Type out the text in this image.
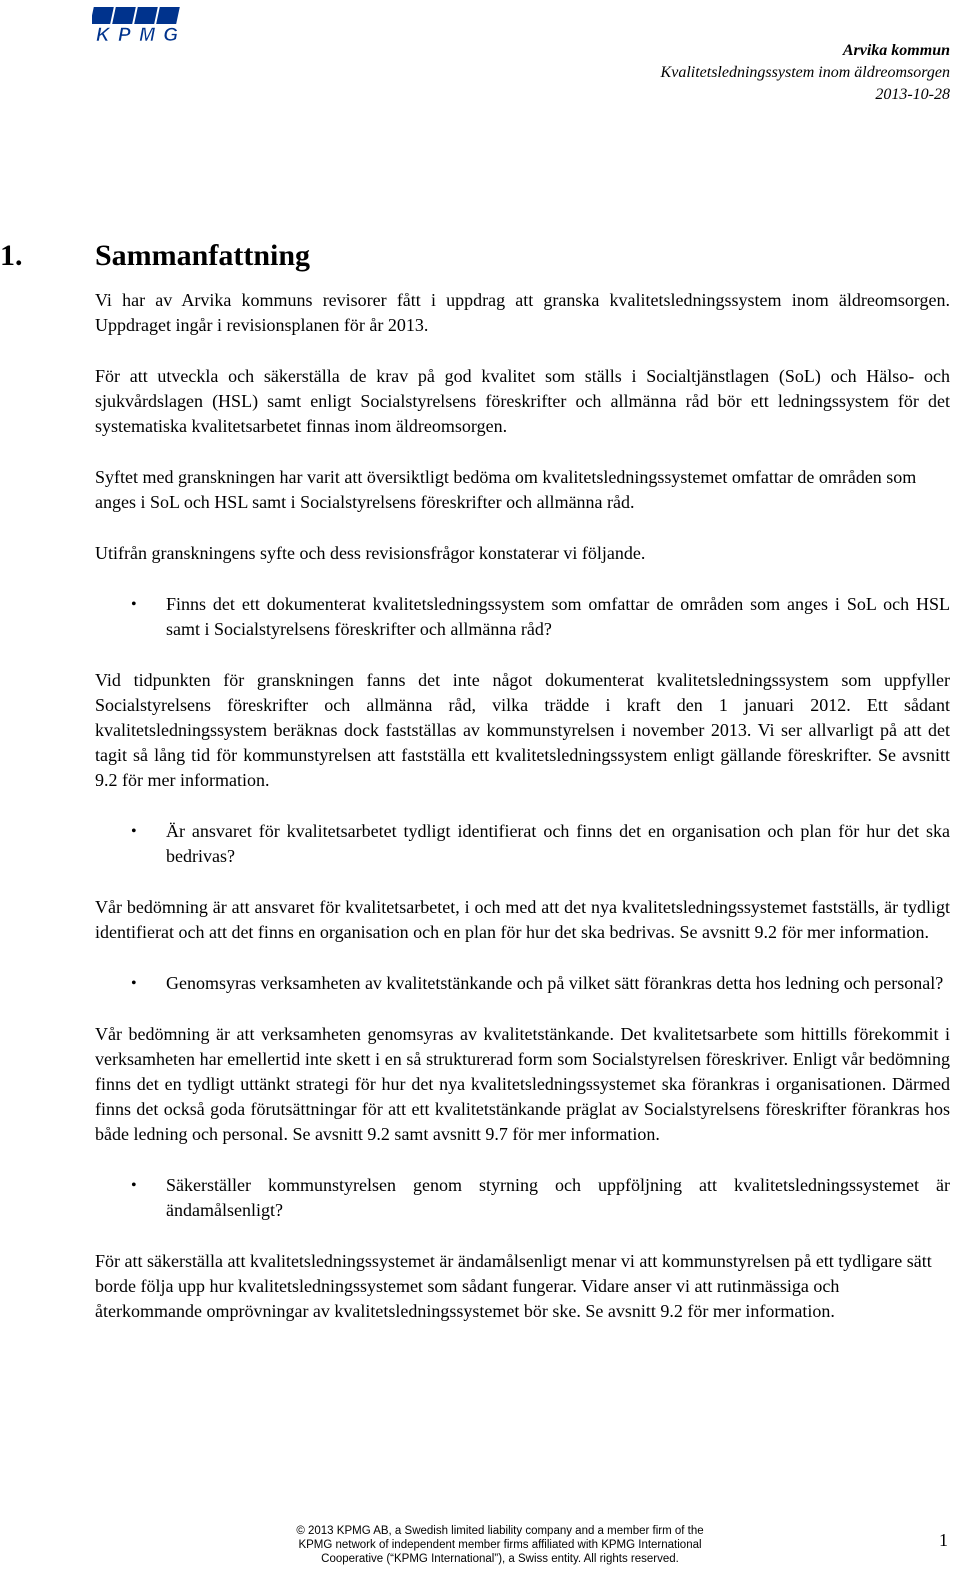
KPMG
Arvika kommun
Kvalitetsledningssystem inom äldreomsorgen
2013-10-28
1. Sammanfattning

Vi har av Arvika kommuns revisorer fått i uppdrag att granska kvalitetsledningssystem inom äldreomsorgen. Uppdraget ingår i revisionsplanen för år 2013.

För att utveckla och säkerställa de krav på god kvalitet som ställs i Socialtjänstlagen (SoL) och Hälso- och sjukvårdslagen (HSL) samt enligt Socialstyrelsens föreskrifter och allmänna råd bör ett ledningssystem för det systematiska kvalitetsarbetet finnas inom äldreomsorgen.

Syftet med granskningen har varit att översiktligt bedöma om kvalitetsledningssystemet omfattar de områden som anges i SoL och HSL samt i Socialstyrelsens föreskrifter och allmänna råd.

Utifrån granskningens syfte och dess revisionsfrågor konstaterar vi följande.

• Finns det ett dokumenterat kvalitetsledningssystem som omfattar de områden som anges i SoL och HSL samt i Socialstyrelsens föreskrifter och allmänna råd?

Vid tidpunkten för granskningen fanns det inte något dokumenterat kvalitetsledningssystem som uppfyller Socialstyrelsens föreskrifter och allmänna råd, vilka trädde i kraft den 1 januari 2012. Ett sådant kvalitetsledningssystem beräknas dock fastställas av kommunstyrelsen i november 2013. Vi ser allvarligt på att det tagit så lång tid för kommunstyrelsen att fastställa ett kvalitetsledningssystem enligt gällande föreskrifter. Se avsnitt 9.2 för mer information.

• Är ansvaret för kvalitetsarbetet tydligt identifierat och finns det en organisation och plan för hur det ska bedrivas?

Vår bedömning är att ansvaret för kvalitetsarbetet, i och med att det nya kvalitetsledningssystemet fastställs, är tydligt identifierat och att det finns en organisation och en plan för hur det ska bedrivas. Se avsnitt 9.2 för mer information.

• Genomsyras verksamheten av kvalitetstänkande och på vilket sätt förankras detta hos ledning och personal?

Vår bedömning är att verksamheten genomsyras av kvalitetstänkande. Det kvalitetsarbete som hittills förekommit i verksamheten har emellertid inte skett i en så strukturerad form som Socialstyrelsen föreskriver. Enligt vår bedömning finns det en tydligt uttänkt strategi för hur det nya kvalitetsledningssystemet ska förankras i organisationen. Därmed finns det också goda förutsättningar för att ett kvalitetstänkande präglat av Socialstyrelsens föreskrifter förankras hos både ledning och personal. Se avsnitt 9.2 samt avsnitt 9.7 för mer information.

• Säkerställer kommunstyrelsen genom styrning och uppföljning att kvalitetsledningssystemet är ändamålsenligt?

För att säkerställa att kvalitetsledningssystemet är ändamålsenligt menar vi att kommunstyrelsen på ett tydligare sätt borde följa upp hur kvalitetsledningssystemet som sådant fungerar. Vidare anser vi att rutinmässiga och återkommande omprövningar av kvalitetsledningssystemet bör ske. Se avsnitt 9.2 för mer information.

© 2013 KPMG AB, a Swedish limited liability company and a member firm of the
KPMG network of independent member firms affiliated with KPMG International
Cooperative (“KPMG International”), a Swiss entity. All rights reserved.
1
